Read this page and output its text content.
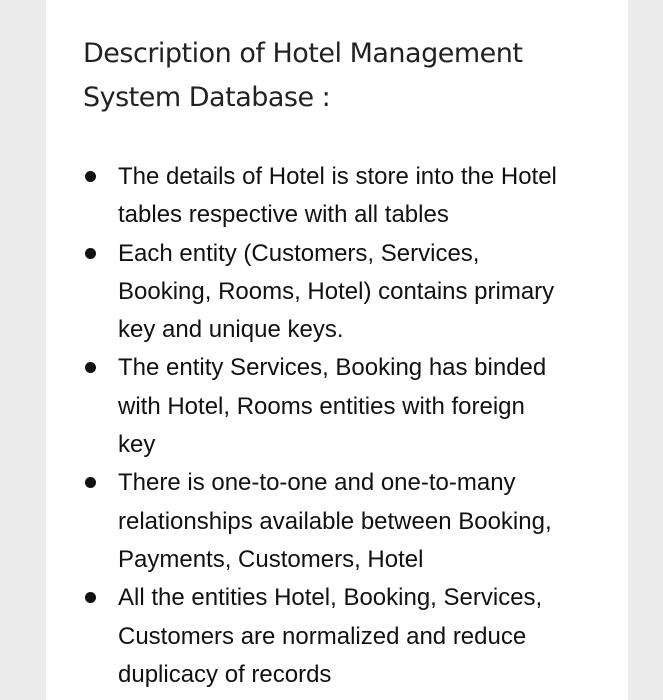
Description of Hotel Management
System Database :
The details of Hotel is store into the Hotel
tables respective with all tables
Each entity (Customers, Services,
Booking, Rooms, Hotel) contains primary
key and unique keys.
The entity Services, Booking has binded
with Hotel, Rooms entities with foreign
key
There is one-to-one and one-to-many
relationships available between Booking,
Payments, Customers, Hotel
All the entities Hotel, Booking, Services,
Customers are normalized and reduce
duplicacy of records
